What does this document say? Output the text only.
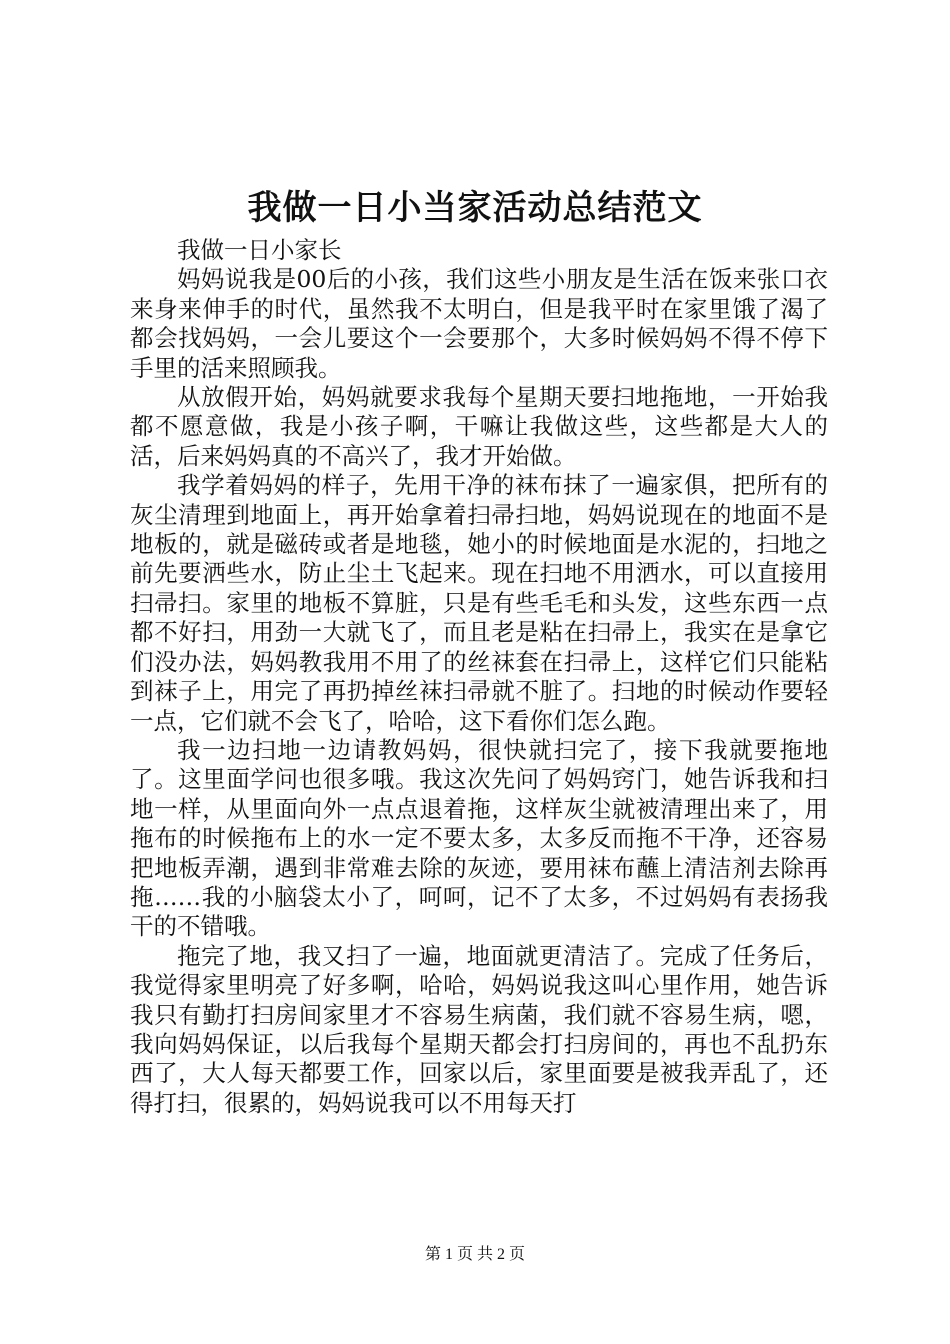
我做一日小当家活动总结范文

我做一日小家长

妈妈说我是00后的小孩，我们这些小朋友是生活在饭来张口衣来身来伸手的时代，虽然我不太明白，但是我平时在家里饿了渴了都会找妈妈，一会儿要这个一会要那个，大多时候妈妈不得不停下手里的活来照顾我。

从放假开始，妈妈就要求我每个星期天要扫地拖地，一开始我都不愿意做，我是小孩子啊，干嘛让我做这些，这些都是大人的活，后来妈妈真的不高兴了，我才开始做。

我学着妈妈的样子，先用干净的袜布抹了一遍家俱，把所有的灰尘清理到地面上，再开始拿着扫帚扫地，妈妈说现在的地面不是地板的，就是磁砖或者是地毯，她小的时候地面是水泥的，扫地之前先要洒些水，防止尘土飞起来。现在扫地不用洒水，可以直接用扫帚扫。家里的地板不算脏，只是有些毛毛和头发，这些东西一点都不好扫，用劲一大就飞了，而且老是粘在扫帚上，我实在是拿它们没办法，妈妈教我用不用了的丝袜套在扫帚上，这样它们只能粘到袜子上，用完了再扔掉丝袜扫帚就不脏了。扫地的时候动作要轻一点，它们就不会飞了，哈哈，这下看你们怎么跑。

我一边扫地一边请教妈妈，很快就扫完了，接下我就要拖地了。这里面学问也很多哦。我这次先问了妈妈窍门，她告诉我和扫地一样，从里面向外一点点退着拖，这样灰尘就被清理出来了，用拖布的时候拖布上的水一定不要太多，太多反而拖不干净，还容易把地板弄潮，遇到非常难去除的灰迹，要用袜布蘸上清洁剂去除再拖……我的小脑袋太小了，呵呵，记不了太多，不过妈妈有表扬我干的不错哦。

拖完了地，我又扫了一遍，地面就更清洁了。完成了任务后，我觉得家里明亮了好多啊，哈哈，妈妈说我这叫心里作用，她告诉我只有勤打扫房间家里才不容易生病菌，我们就不容易生病，嗯，我向妈妈保证，以后我每个星期天都会打扫房间的，再也不乱扔东西了，大人每天都要工作，回家以后，家里面要是被我弄乱了，还得打扫，很累的，妈妈说我可以不用每天打

第 1 页 共 2 页
